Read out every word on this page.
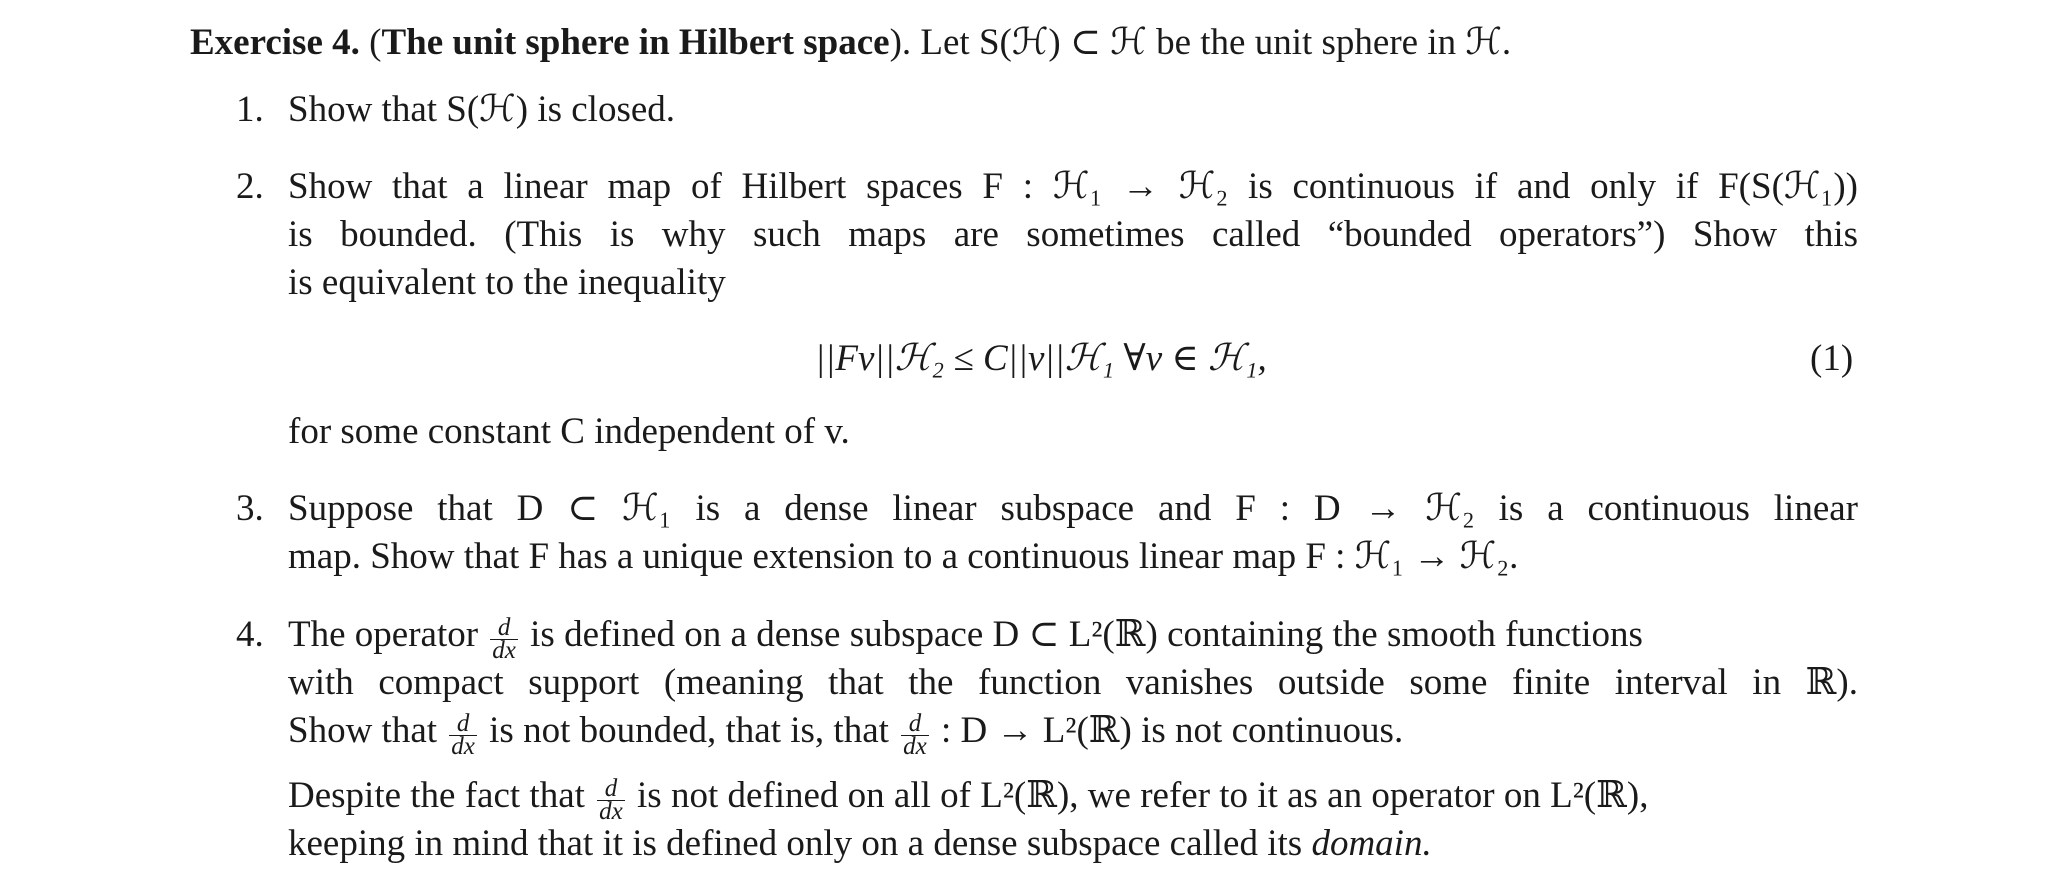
Exercise 4. (The unit sphere in Hilbert space). Let S(ℋ) ⊂ ℋ be the unit sphere in ℋ.
1. Show that S(ℋ) is closed.
2. Show that a linear map of Hilbert spaces F : ℋ₁ → ℋ₂ is continuous if and only if F(S(ℋ₁))
is bounded. (This is why such maps are sometimes called “bounded operators”) Show this
is equivalent to the inequality
||Fv||ℋ₂ ≤ C||v||ℋ₁ ∀v ∈ ℋ₁,	(1)
for some constant C independent of v.
3. Suppose that D ⊂ ℋ₁ is a dense linear subspace and F : D → ℋ₂ is a continuous linear
map. Show that F has a unique extension to a continuous linear map F : ℋ₁ → ℋ₂.
4. The operator $\frac{d}{dx}$ is defined on a dense subspace D ⊂ L²(ℝ) containing the smooth functions
with compact support (meaning that the function vanishes outside some finite interval in ℝ).
Show that $\frac{d}{dx}$ is not bounded, that is, that $\frac{d}{dx}$ : D → L²(ℝ) is not continuous.
Despite the fact that $\frac{d}{dx}$ is not defined on all of L²(ℝ), we refer to it as an operator on L²(ℝ),
keeping in mind that it is defined only on a dense subspace called its domain.
